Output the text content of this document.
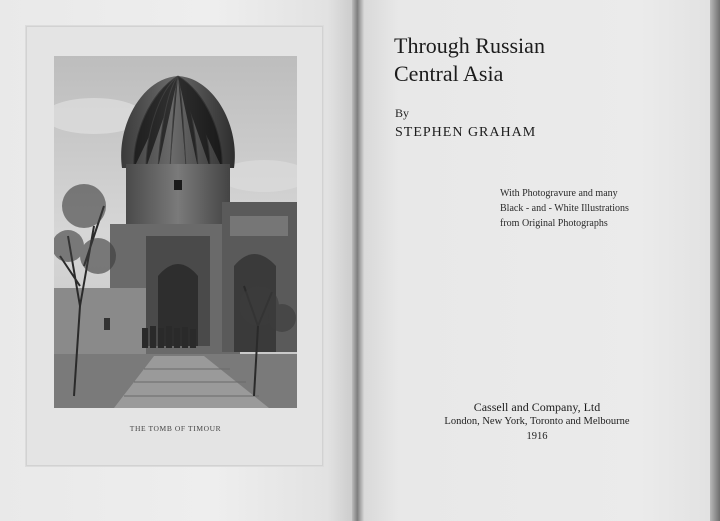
THE TOMB OF TIMOUR
Through Russian
Central Asia
By
STEPHEN GRAHAM
With Photogravure and many
Black - and - White Illustrations
from Original Photographs
Cassell and Company, Ltd
London, New York, Toronto and Melbourne
1916
